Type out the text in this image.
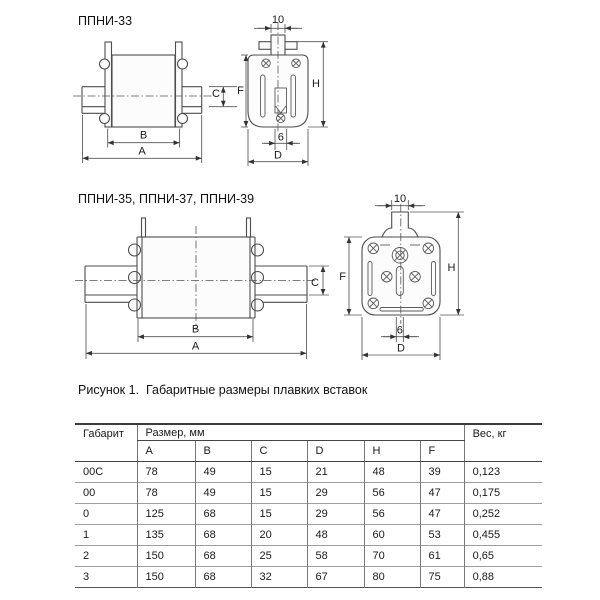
ППНИ-33
C
B
A
10
F
H
6
D
ППНИ-35, ППНИ-37, ППНИ-39
C
B
A
10
F
H
6
D
Рисунок 1.  Габаритные размеры плавких вставок
Габарит	Размер, мм						Вес, кг
	A	B	C	D	H	F	
00C	78	49	15	21	48	39	0,123
00	78	49	15	29	56	47	0,175
0	125	68	15	29	56	47	0,252
1	135	68	20	48	60	53	0,455
2	150	68	25	58	70	61	0,65
3	150	68	32	67	80	75	0,88
